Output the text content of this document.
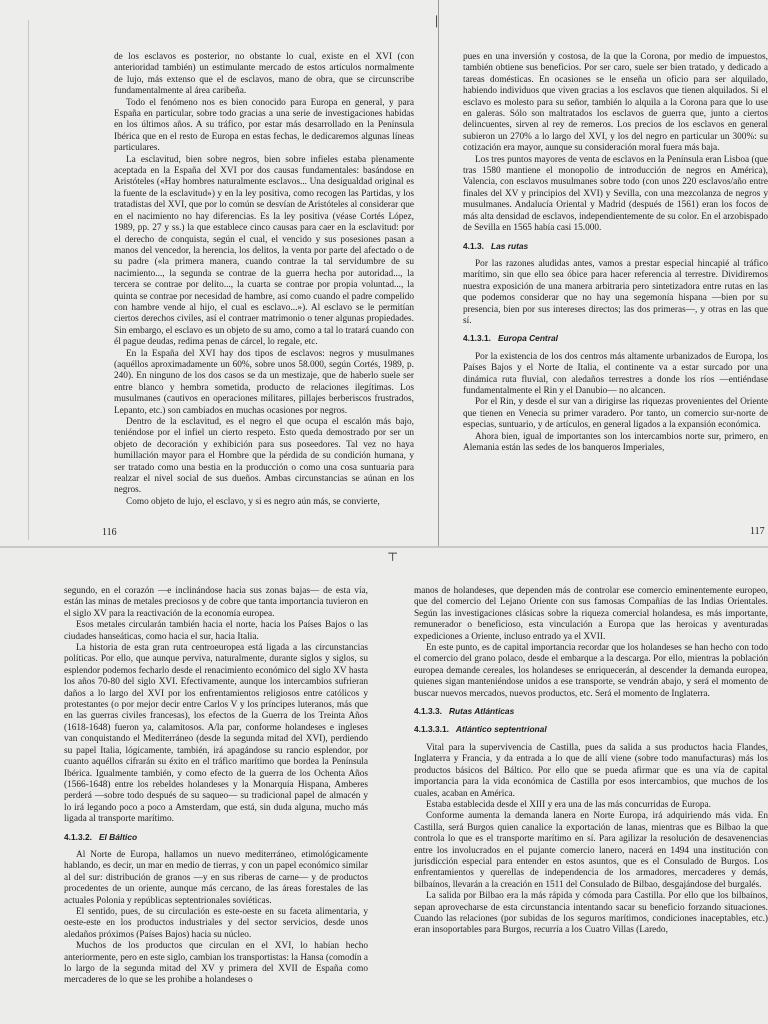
⎸

de los esclavos es posterior, no obstante lo cual, existe en el XVI (con anterioridad también) un estimulante mercado de estos artículos normalmente de lujo, más extenso que el de esclavos, mano de obra, que se circunscribe fundamentalmente al área caribeña.

Todo el fenómeno nos es bien conocido para Europa en general, y para España en particular, sobre todo gracias a una serie de investigaciones habidas en los últimos años. A su tráfico, por estar más desarrollado en la Península Ibérica que en el resto de Europa en estas fechas, le dedicaremos algunas líneas particulares.

La esclavitud, bien sobre negros, bien sobre infieles estaba plenamente aceptada en la España del XVI por dos causas fundamentales: basándose en Aristóteles («Hay hombres naturalmente esclavos... Una desigualdad original es la fuente de la esclavitud») y en la ley positiva, como recogen las Partidas, y los tratadistas del XVI, que por lo común se desvían de Aristóteles al considerar que en el nacimiento no hay diferencias. Es la ley positiva (véase Cortés López, 1989, pp. 27 y ss.) la que establece cinco causas para caer en la esclavitud: por el derecho de conquista, según el cual, el vencido y sus posesiones pasan a manos del vencedor, la herencia, los delitos, la venta por parte del afectado o de su padre («la primera manera, cuando contrae la tal servidumbre de su nacimiento..., la segunda se contrae de la guerra hecha por autoridad..., la tercera se contrae por delito..., la cuarta se contrae por propia voluntad..., la quinta se contrae por necesidad de hambre, así como cuando el padre compelido con hambre vende al hijo, el cual es esclavo...»). Al esclavo se le permitían ciertos derechos civiles, así el contraer matrimonio o tener algunas propiedades. Sin embargo, el esclavo es un objeto de su amo, como a tal lo tratará cuando con él pague deudas, redima penas de cárcel, lo regale, etc.

En la España del XVI hay dos tipos de esclavos: negros y musulmanes (aquéllos aproximadamente un 60%, sobre unos 58.000, según Cortés, 1989, p. 240). En ninguno de los dos casos se da un mestizaje, que de haberlo suele ser entre blanco y hembra sometida, producto de relaciones ilegítimas. Los musulmanes (cautivos en operaciones militares, pillajes berberiscos frustrados, Lepanto, etc.) son cambiados en muchas ocasiones por negros.

Dentro de la esclavitud, es el negro el que ocupa el escalón más bajo, teniéndose por el infiel un cierto respeto. Esto queda demostrado por ser un objeto de decoración y exhibición para sus poseedores. Tal vez no haya humillación mayor para el Hombre que la pérdida de su condición humana, y ser tratado como una bestia en la producción o como una cosa suntuaria para realzar el nivel social de sus dueños. Ambas circunstancias se aúnan en los negros.

Como objeto de lujo, el esclavo, y si es negro aún más, se convierte,

116

pues en una inversión y costosa, de la que la Corona, por medio de impuestos, también obtiene sus beneficios. Por ser caro, suele ser bien tratado, y dedicado a tareas domésticas. En ocasiones se le enseña un oficio para ser alquilado, habiendo individuos que viven gracias a los esclavos que tienen alquilados. Si el esclavo es molesto para su señor, también lo alquila a la Corona para que lo use en galeras. Sólo son maltratados los esclavos de guerra que, junto a ciertos delincuentes, sirven al rey de remeros. Los precios de los esclavos en general subieron un 270% a lo largo del XVI, y los del negro en particular un 300%: su cotización era mayor, aunque su consideración moral fuera más baja.

Los tres puntos mayores de venta de esclavos en la Península eran Lisboa (que tras 1580 mantiene el monopolio de introducción de negros en América), Valencia, con esclavos musulmanes sobre todo (con unos 220 esclavos/año entre finales del XV y principios del XVI) y Sevilla, con una mezcolanza de negros y musulmanes. Andalucía Oriental y Madrid (después de 1561) eran los focos de más alta densidad de esclavos, independientemente de su color. En el arzobispado de Sevilla en 1565 había casi 15.000.

4.1.3. Las rutas

Por las razones aludidas antes, vamos a prestar especial hincapié al tráfico marítimo, sin que ello sea óbice para hacer referencia al terrestre. Dividiremos nuestra exposición de una manera arbitraria pero sintetizadora entre rutas en las que podemos considerar que no hay una segemonía hispana —bien por su presencia, bien por sus intereses directos; las dos primeras—, y otras en las que sí.

4.1.3.1. Europa Central

Por la existencia de los dos centros más altamente urbanizados de Europa, los Países Bajos y el Norte de Italia, el continente va a estar surcado por una dinámica ruta fluvial, con aledaños terrestres a donde los ríos —entiéndase fundamentalmente el Rin y el Danubio— no alcancen.

Por el Rin, y desde el sur van a dirigirse las riquezas provenientes del Oriente que tienen en Venecia su primer varadero. Por tanto, un comercio sur-norte de especias, suntuario, y de artículos, en general ligados a la expansión económica.

Ahora bien, igual de importantes son los intercambios norte sur, primero, en Alemania están las sedes de los banqueros Imperiales,

117
⊤

segundo, en el corazón —e inclinándose hacia sus zonas bajas— de esta vía, están las minas de metales preciosos y de cobre que tanta importancia tuvieron en el siglo XV para la reactivación de la economía europea.

Esos metales circularán también hacia el norte, hacia los Países Bajos o las ciudades hanseáticas, como hacia el sur, hacia Italia.

La historia de esta gran ruta centroeuropea está ligada a las circunstancias políticas. Por ello, que aunque perviva, naturalmente, durante siglos y siglos, su esplendor podemos fecharlo desde el renacimiento económico del siglo XV hasta los años 70-80 del siglo XVI. Efectivamente, aunque los intercambios sufrieran daños a lo largo del XVI por los enfrentamientos religiosos entre católicos y protestantes (o por mejor decir entre Carlos V y los príncipes luteranos, más que en las guerras civiles francesas), los efectos de la Guerra de los Treinta Años (1618-1648) fueron ya, calamitosos. A/la par, conforme holandeses e ingleses van conquistando el Mediterráneo (desde la segunda mitad del XVI), perdiendo su papel Italia, lógicamente, también, irá apagándose su rancio esplendor, por cuanto aquéllos cifrarán su éxito en el tráfico marítimo que bordea la Península Ibérica. Igualmente también, y como efecto de la guerra de los Ochenta Años (1566-1648) entre los rebeldes holandeses y la Monarquía Hispana, Amberes perderá —sobre todo después de su saqueo— su tradicional papel de almacén y lo irá legando poco a poco a Amsterdam, que está, sin duda alguna, mucho más ligada al transporte marítimo.

4.1.3.2. El Báltico

Al Norte de Europa, hallamos un nuevo mediterráneo, etimológicamente hablando, es decir, un mar en medio de tierras, y con un papel económico similar al del sur: distribución de granos —y en sus riberas de carne— y de productos procedentes de un oriente, aunque más cercano, de las áreas forestales de las actuales Polonia y repúblicas septentrionales soviéticas.

El sentido, pues, de su circulación es este-oeste en su faceta alimentaria, y oeste-este en los productos industriales y del sector servicios, desde unos aledaños próximos (Países Bajos) hacia su núcleo.

Muchos de los productos que circulan en el XVI, lo habían hecho anteriormente, pero en este siglo, cambian los transportistas: la Hansa (comodín a lo largo de la segunda mitad del XV y primera del XVII de España como mercaderes de lo que se les prohibe a holandeses o

manos de holandeses, que dependen más de controlar ese comercio eminentemente europeo, que del comercio del Lejano Oriente con sus famosas Compañías de las Indias Orientales. Según las investigaciones clásicas sobre la riqueza comercial holandesa, es más importante, remunerador o beneficioso, esta vinculación a Europa que las heroicas y aventuradas expediciones a Oriente, incluso entrado ya el XVII.

En este punto, es de capital importancia recordar que los holandeses se han hecho con todo el comercio del grano polaco, desde el embarque a la descarga. Por ello, mientras la población europea demande cereales, los holandeses se enriquecerán, al descender la demanda europea, quienes sigan manteniéndose unidos a ese transporte, se vendrán abajo, y será el momento de buscar nuevos mercados, nuevos productos, etc. Será el momento de Inglaterra.

4.1.3.3. Rutas Atlánticas
4.1.3.3.1. Atlántico septentrional

Vital para la supervivencia de Castilla, pues da salida a sus productos hacia Flandes, Inglaterra y Francia, y da entrada a lo que de allí viene (sobre todo manufacturas) más los productos básicos del Báltico. Por ello que se pueda afirmar que es una vía de capital importancia para la vida económica de Castilla por esos intercambios, que muchos de los cuales, acaban en América.

Estaba establecida desde el XIII y era una de las más concurridas de Europa.

Conforme aumenta la demanda lanera en Norte Europa, irá adquiriendo más vida. En Castilla, será Burgos quien canalice la exportación de lanas, mientras que es Bilbao la que controla lo que es el transporte marítimo en sí. Para agilizar la resolución de desavenencias entre los involucrados en el pujante comercio lanero, nacerá en 1494 una institución con jurisdicción especial para entender en estos asuntos, que es el Consulado de Burgos. Los enfrentamientos y querellas de independencia de los armadores, mercaderes y demás, bilbaínos, llevarán a la creación en 1511 del Consulado de Bilbao, desgajándose del burgalés.

La salida por Bilbao era la más rápida y cómoda para Castilla. Por ello que los bilbaínos, sepan aprovecharse de esta circunstancia intentando sacar su beneficio forzando situaciones. Cuando las relaciones (por subidas de los seguros marítimos, condiciones inaceptables, etc.) eran insoportables para Burgos, recurría a los Cuatro Villas (Laredo,
